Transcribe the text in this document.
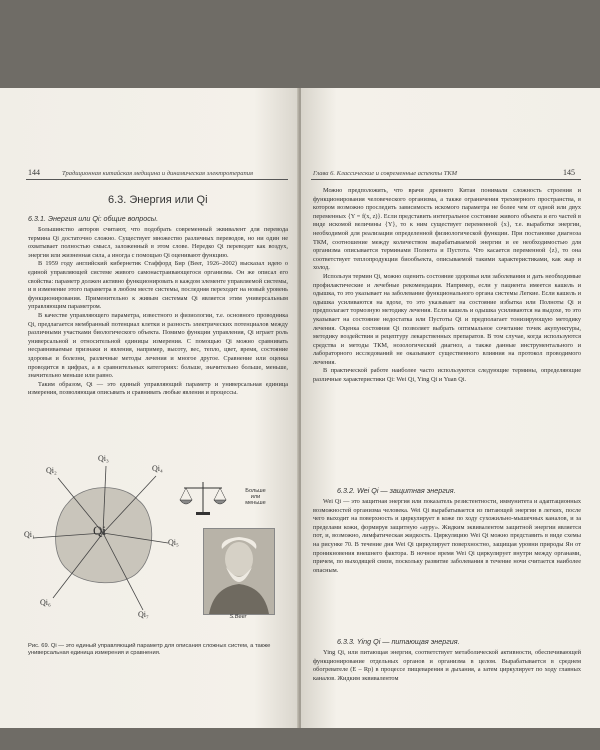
144	Традиционная китайская медицина и динамическая электротерапия
6.3. Энергия или Qi
6.3.1. Энергия или Qi: общие вопросы.

Большинство авторов считают, что подобрать современный эквивалент для перевода термина Qi достаточно сложно. Существует множество различных переводов, но ни один не охватывает полностью смысл, заложенный в этом слове. Нередко Qi переводят как воздух, энергия или жизненная сила, а иногда с помощью Qi оценивают функцию.

В 1959 году английский кибернетик Стаффорд Бир (Beer, 1926–2002) высказал идею о единой управляющей системе живого самонастраивающегося организма. Он же описал его свойства: параметр должен активно функционировать в каждом элементе управляемой системы, и в изменение этого параметра в любом месте системы, последняя переходит на новый уровень функционирования. Применительно к живым системам Qi является этим универсальным управляющим параметром.

В качестве управляющего параметра, известного и физиологии, т.е. основного проводника Qi, предлагается мембранный потенциал клетки и разность электрических потенциалов между различными участками биологического объекта. Помимо функции управления, Qi играет роль универсальной и относительной единицы измерения. С помощью Qi можно сравнивать несравниваемые признаки и явления, например, высоту, вес, тепло, цвет, время, состояние здоровья и болезни, различные методы лечения и многое другое. Сравнение или оценка проводится в цифрах, а в сравнительных категориях: больше, значительно больше, меньше, значительно меньше или равно.

Таким образом, Qi — это единый управляющий параметр и универсальная единица измерения, позволяющая описывать и сравнивать любые явления и процессы.

Qi
Qi₂
Qi₃
Qi₄
Qi₁
Qi₅
Qi₆
Qi₇
Больше
или
меньше
S.Beer
Рис. 69. Qi — это единый управляющий параметр для описания сложных систем, а также универсальная единица измерения и сравнения.
Глава 6. Классические и современные аспекты ТКМ	145

Можно предположить, что врачи древнего Китая понимали сложность строения и функционирования человеческого организма, а также ограничения трехмерного пространства, в котором возможно проследить зависимость искомого параметра не более чем от одной или двух переменных {Y = f(x, z)}. Если представить интегральное состояние живого объекта и его частей в виде искомой величины {Y}, то к ним существует переменной {x}, т.е. выработке энергии, необходимой для реализации определенной физиологической функции. При постановке диагноза ТКМ, соотношение между количеством вырабатываемой энергии и ее необходимостью для организма описывается терминами Полнота и Пустота. Что касается переменной {z}, то она соответствует теплопродукции биообъекта, описываемой такими характеристиками, как жар и холод.

Используя термин Qi, можно оценить состояние здоровья или заболевания и дать необходимые профилактические и лечебные рекомендации. Например, если у пациента имеется кашель и одышка, то это указывает на заболевание функционального органа системы Легкие. Если кашель и одышка усиливаются на вдохе, то это указывает на состояние избытка или Полноты Qi и предполагает тормозную методику лечения. Если кашель и одышка усиливаются на выдохе, то это указывает на состояние недостатка или Пустоты Qi и предполагает тонизирующую методику лечения. Оценка состояния Qi позволяет выбрать оптимальное сочетание точек акупунктуры, методику воздействия и рецептуру лекарственных препаратов. В том случае, когда используются средства и методы ТКМ, нозологический диагноз, а также данные инструментального и лабораторного исследований не оказывают существенного влияния на протокол проводимого лечения.

В практической работе наиболее часто используются следующие термины, определяющие различные характеристики Qi: Wei Qi, Ying Qi и Yuan Qi.

6.3.2. Wei Qi — защитная энергия.

Wei Qi — это защитная энергия или показатель резистентности, иммунитета и адаптационных возможностей организма человека. Wei Qi вырабатывается из питающей энергии в легких, после чего выходит на поверхность и циркулирует в коже по ходу сухожильно-мышечных каналов, и за пределами кожи, формируя защитную «ауру». Жидким эквивалентом защитной энергии является пот, и, возможно, лимфатическая жидкость. Циркуляцию Wei Qi можно представить в виде схемы на рисунке 70. В течение дня Wei Qi циркулирует поверхностно, защищая уровни природы Ян от проникновения внешнего фактора. В ночное время Wei Qi циркулирует внутри между органами, причем, по выходящей связи, поскольку развитие заболевания в течение ночи считается наиболее опасным.

6.3.3. Ying Qi — питающая энергия.

Ying Qi, или питающая энергия, соответствует метаболической активности, обеспечивающей функционирование отдельных органов и организма в целом. Вырабатывается в среднем обогревателе (E – Rp) в процессе пищеварения и дыхания, а затем циркулирует по ходу главных каналов. Жидким эквивалентом
